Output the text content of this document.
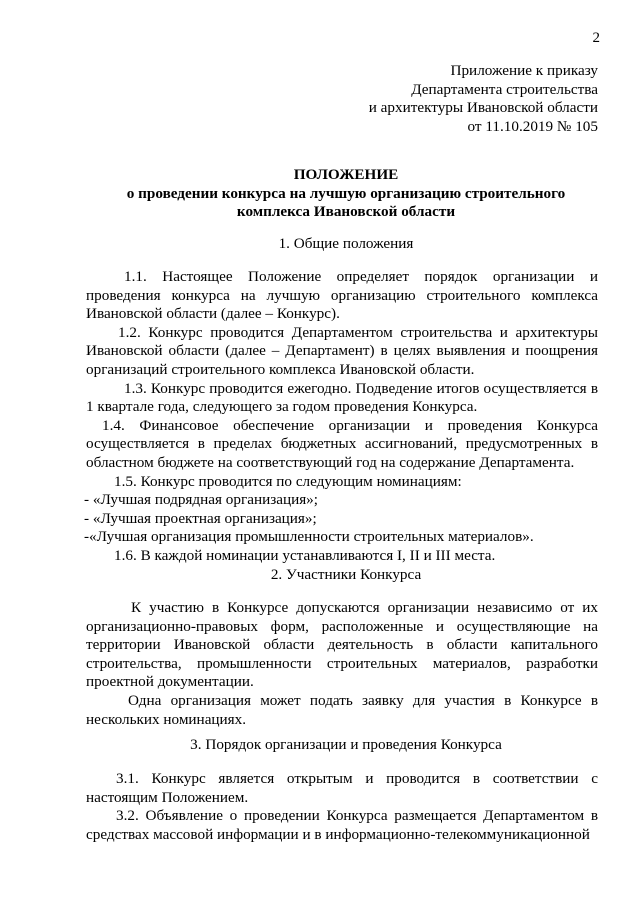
2
Приложение к приказу
Департамента строительства
и архитектуры Ивановской области
от 11.10.2019 № 105
ПОЛОЖЕНИЕ
о проведении конкурса на лучшую организацию строительного
комплекса Ивановской области
1. Общие положения

1.1. Настоящее Положение определяет порядок организации и проведения конкурса на лучшую организацию строительного комплекса Ивановской области (далее – Конкурс).

1.2. Конкурс проводится Департаментом строительства и архитектуры Ивановской области (далее – Департамент) в целях выявления и поощрения организаций строительного комплекса Ивановской области.

1.3. Конкурс проводится ежегодно. Подведение итогов осуществляется в 1 квартале года, следующего за годом проведения Конкурса.

1.4. Финансовое обеспечение организации и проведения Конкурса осуществляется в пределах бюджетных ассигнований, предусмотренных в областном бюджете на соответствующий год на содержание Департамента.

1.5. Конкурс проводится по следующим номинациям:

- «Лучшая подрядная организация»;

- «Лучшая проектная организация»;

-«Лучшая организация промышленности строительных материалов».

1.6. В каждой номинации устанавливаются I, II и III места.

2. Участники Конкурса

К участию в Конкурсе допускаются организации независимо от их организационно-правовых форм, расположенные и осуществляющие на территории Ивановской области деятельность в области капитального строительства, промышленности строительных материалов, разработки проектной документации.

Одна организация может подать заявку для участия в Конкурсе в нескольких номинациях.

3. Порядок организации и проведения Конкурса

3.1. Конкурс является открытым и проводится в соответствии с настоящим Положением.

3.2. Объявление о проведении Конкурса размещается Департаментом в средствах массовой информации и в информационно-телекоммуникационной
